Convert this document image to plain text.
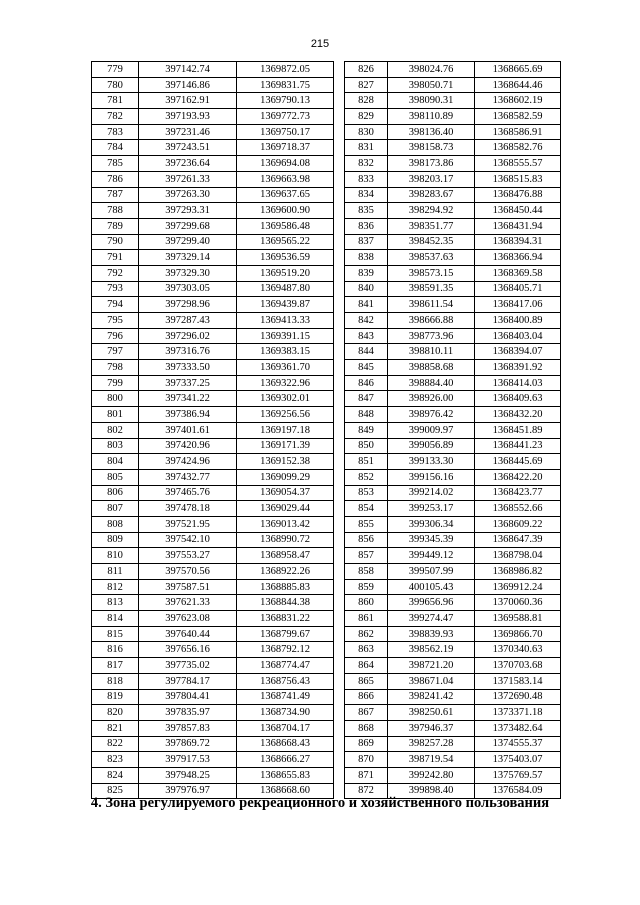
215
779	397142.74	1369872.05
780	397146.86	1369831.75
781	397162.91	1369790.13
782	397193.93	1369772.73
783	397231.46	1369750.17
784	397243.51	1369718.37
785	397236.64	1369694.08
786	397261.33	1369663.98
787	397263.30	1369637.65
788	397293.31	1369600.90
789	397299.68	1369586.48
790	397299.40	1369565.22
791	397329.14	1369536.59
792	397329.30	1369519.20
793	397303.05	1369487.80
794	397298.96	1369439.87
795	397287.43	1369413.33
796	397296.02	1369391.15
797	397316.76	1369383.15
798	397333.50	1369361.70
799	397337.25	1369322.96
800	397341.22	1369302.01
801	397386.94	1369256.56
802	397401.61	1369197.18
803	397420.96	1369171.39
804	397424.96	1369152.38
805	397432.77	1369099.29
806	397465.76	1369054.37
807	397478.18	1369029.44
808	397521.95	1369013.42
809	397542.10	1368990.72
810	397553.27	1368958.47
811	397570.56	1368922.26
812	397587.51	1368885.83
813	397621.33	1368844.38
814	397623.08	1368831.22
815	397640.44	1368799.67
816	397656.16	1368792.12
817	397735.02	1368774.47
818	397784.17	1368756.43
819	397804.41	1368741.49
820	397835.97	1368734.90
821	397857.83	1368704.17
822	397869.72	1368668.43
823	397917.53	1368666.27
824	397948.25	1368655.83
825	397976.97	1368668.60
826	398024.76	1368665.69
827	398050.71	1368644.46
828	398090.31	1368602.19
829	398110.89	1368582.59
830	398136.40	1368586.91
831	398158.73	1368582.76
832	398173.86	1368555.57
833	398203.17	1368515.83
834	398283.67	1368476.88
835	398294.92	1368450.44
836	398351.77	1368431.94
837	398452.35	1368394.31
838	398537.63	1368366.94
839	398573.15	1368369.58
840	398591.35	1368405.71
841	398611.54	1368417.06
842	398666.88	1368400.89
843	398773.96	1368403.04
844	398810.11	1368394.07
845	398858.68	1368391.92
846	398884.40	1368414.03
847	398926.00	1368409.63
848	398976.42	1368432.20
849	399009.97	1368451.89
850	399056.89	1368441.23
851	399133.30	1368445.69
852	399156.16	1368422.20
853	399214.02	1368423.77
854	399253.17	1368552.66
855	399306.34	1368609.22
856	399345.39	1368647.39
857	399449.12	1368798.04
858	399507.99	1368986.82
859	400105.43	1369912.24
860	399656.96	1370060.36
861	399274.47	1369588.81
862	398839.93	1369866.70
863	398562.19	1370340.63
864	398721.20	1370703.68
865	398671.04	1371583.14
866	398241.42	1372690.48
867	398250.61	1373371.18
868	397946.37	1373482.64
869	398257.28	1374555.37
870	398719.54	1375403.07
871	399242.80	1375769.57
872	399898.40	1376584.09
4. Зона регулируемого рекреационного и хозяйственного пользования
